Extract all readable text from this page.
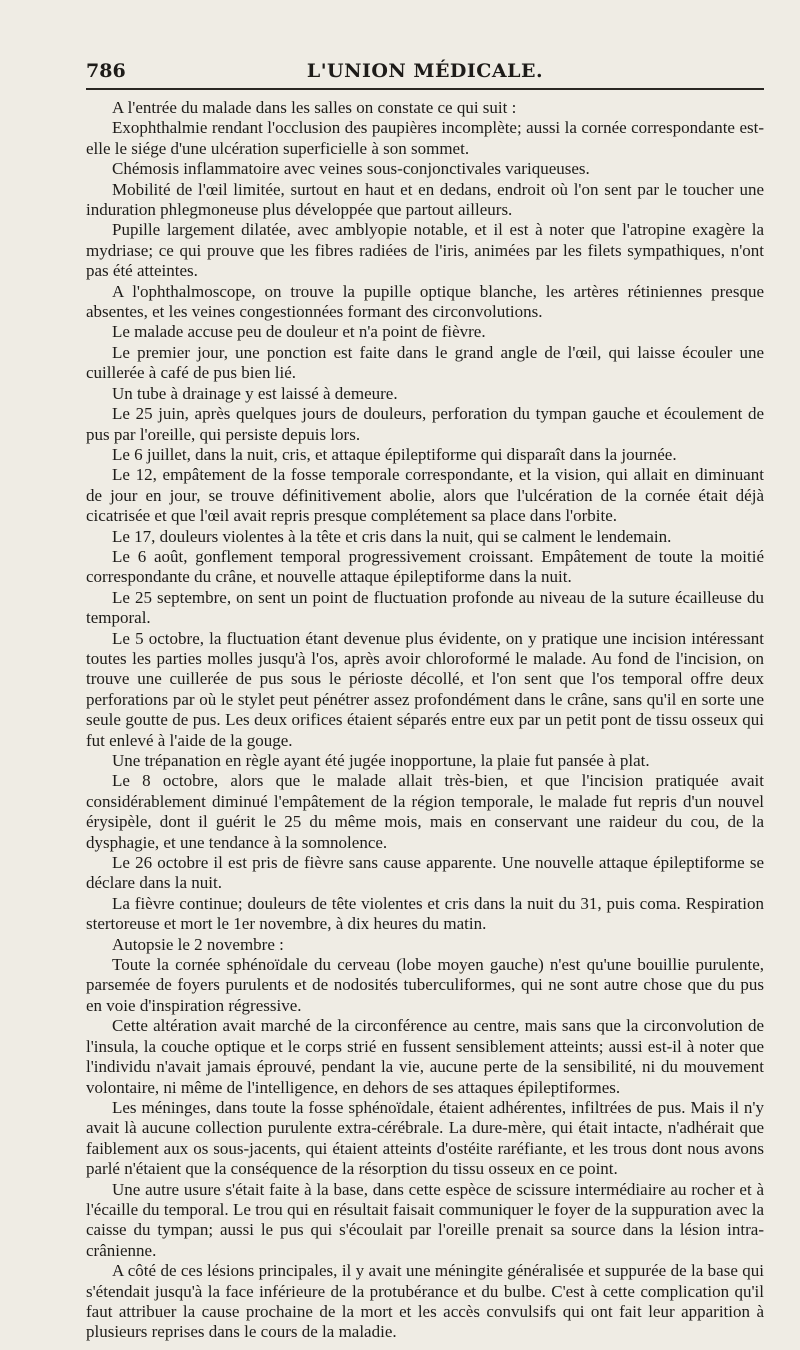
786	L'UNION MÉDICALE.

A l'entrée du malade dans les salles on constate ce qui suit :

Exophthalmie rendant l'occlusion des paupières incomplète; aussi la cornée correspondante est-elle le siége d'une ulcération superficielle à son sommet.

Chémosis inflammatoire avec veines sous-conjonctivales variqueuses.

Mobilité de l'œil limitée, surtout en haut et en dedans, endroit où l'on sent par le toucher une induration phlegmoneuse plus développée que partout ailleurs.

Pupille largement dilatée, avec amblyopie notable, et il est à noter que l'atropine exagère la mydriase; ce qui prouve que les fibres radiées de l'iris, animées par les filets sympathiques, n'ont pas été atteintes.

A l'ophthalmoscope, on trouve la pupille optique blanche, les artères rétiniennes presque absentes, et les veines congestionnées formant des circonvolutions.

Le malade accuse peu de douleur et n'a point de fièvre.

Le premier jour, une ponction est faite dans le grand angle de l'œil, qui laisse écouler une cuillerée à café de pus bien lié.

Un tube à drainage y est laissé à demeure.

Le 25 juin, après quelques jours de douleurs, perforation du tympan gauche et écoulement de pus par l'oreille, qui persiste depuis lors.

Le 6 juillet, dans la nuit, cris, et attaque épileptiforme qui disparaît dans la journée.

Le 12, empâtement de la fosse temporale correspondante, et la vision, qui allait en diminuant de jour en jour, se trouve définitivement abolie, alors que l'ulcération de la cornée était déjà cicatrisée et que l'œil avait repris presque complétement sa place dans l'orbite.

Le 17, douleurs violentes à la tête et cris dans la nuit, qui se calment le lendemain.

Le 6 août, gonflement temporal progressivement croissant. Empâtement de toute la moitié correspondante du crâne, et nouvelle attaque épileptiforme dans la nuit.

Le 25 septembre, on sent un point de fluctuation profonde au niveau de la suture écailleuse du temporal.

Le 5 octobre, la fluctuation étant devenue plus évidente, on y pratique une incision intéressant toutes les parties molles jusqu'à l'os, après avoir chloroformé le malade. Au fond de l'incision, on trouve une cuillerée de pus sous le périoste décollé, et l'on sent que l'os temporal offre deux perforations par où le stylet peut pénétrer assez profondément dans le crâne, sans qu'il en sorte une seule goutte de pus. Les deux orifices étaient séparés entre eux par un petit pont de tissu osseux qui fut enlevé à l'aide de la gouge.

Une trépanation en règle ayant été jugée inopportune, la plaie fut pansée à plat.

Le 8 octobre, alors que le malade allait très-bien, et que l'incision pratiquée avait considérablement diminué l'empâtement de la région temporale, le malade fut repris d'un nouvel érysipèle, dont il guérit le 25 du même mois, mais en conservant une raideur du cou, de la dysphagie, et une tendance à la somnolence.

Le 26 octobre il est pris de fièvre sans cause apparente. Une nouvelle attaque épileptiforme se déclare dans la nuit.

La fièvre continue; douleurs de tête violentes et cris dans la nuit du 31, puis coma. Respiration stertoreuse et mort le 1er novembre, à dix heures du matin.

Autopsie le 2 novembre :

Toute la cornée sphénoïdale du cerveau (lobe moyen gauche) n'est qu'une bouillie purulente, parsemée de foyers purulents et de nodosités tuberculiformes, qui ne sont autre chose que du pus en voie d'inspiration régressive.

Cette altération avait marché de la circonférence au centre, mais sans que la circonvolution de l'insula, la couche optique et le corps strié en fussent sensiblement atteints; aussi est-il à noter que l'individu n'avait jamais éprouvé, pendant la vie, aucune perte de la sensibilité, ni du mouvement volontaire, ni même de l'intelligence, en dehors de ses attaques épileptiformes.

Les méninges, dans toute la fosse sphénoïdale, étaient adhérentes, infiltrées de pus. Mais il n'y avait là aucune collection purulente extra-cérébrale. La dure-mère, qui était intacte, n'adhérait que faiblement aux os sous-jacents, qui étaient atteints d'ostéite raréfiante, et les trous dont nous avons parlé n'étaient que la conséquence de la résorption du tissu osseux en ce point.

Une autre usure s'était faite à la base, dans cette espèce de scissure intermédiaire au rocher et à l'écaille du temporal. Le trou qui en résultait faisait communiquer le foyer de la suppuration avec la caisse du tympan; aussi le pus qui s'écoulait par l'oreille prenait sa source dans la lésion intra-crânienne.

A côté de ces lésions principales, il y avait une méningite généralisée et suppurée de la base qui s'étendait jusqu'à la face inférieure de la protubérance et du bulbe. C'est à cette complication qu'il faut attribuer la cause prochaine de la mort et les accès convulsifs qui ont fait leur apparition à plusieurs reprises dans le cours de la maladie.
